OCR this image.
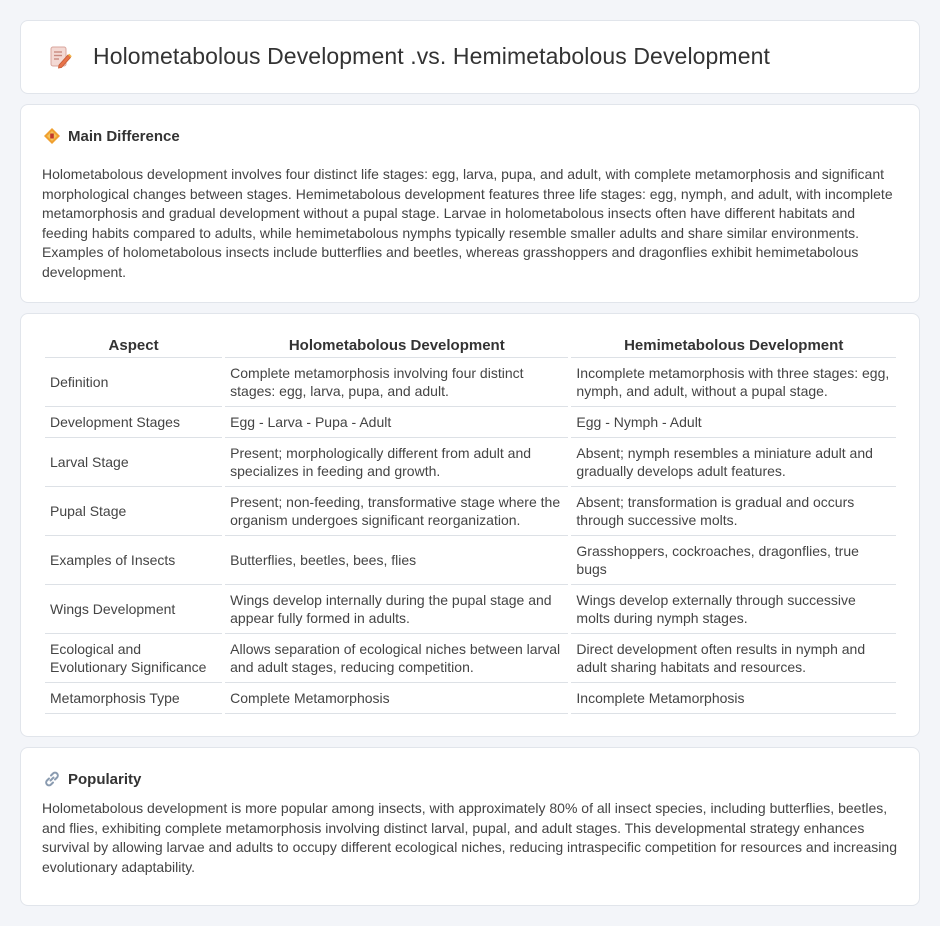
Holometabolous Development .vs. Hemimetabolous Development
Main Difference

Holometabolous development involves four distinct life stages: egg, larva, pupa, and adult, with complete metamorphosis and significant morphological changes between stages. Hemimetabolous development features three life stages: egg, nymph, and adult, with incomplete metamorphosis and gradual development without a pupal stage. Larvae in holometabolous insects often have different habitats and feeding habits compared to adults, while hemimetabolous nymphs typically resemble smaller adults and share similar environments. Examples of holometabolous insects include butterflies and beetles, whereas grasshoppers and dragonflies exhibit hemimetabolous development.

Aspect	Holometabolous Development	Hemimetabolous Development
Definition	Complete metamorphosis involving four distinct stages: egg, larva, pupa, and adult.	Incomplete metamorphosis with three stages: egg, nymph, and adult, without a pupal stage.
Development Stages	Egg - Larva - Pupa - Adult	Egg - Nymph - Adult
Larval Stage	Present; morphologically different from adult and specializes in feeding and growth.	Absent; nymph resembles a miniature adult and gradually develops adult features.
Pupal Stage	Present; non-feeding, transformative stage where the organism undergoes significant reorganization.	Absent; transformation is gradual and occurs through successive molts.
Examples of Insects	Butterflies, beetles, bees, flies	Grasshoppers, cockroaches, dragonflies, true bugs
Wings Development	Wings develop internally during the pupal stage and appear fully formed in adults.	Wings develop externally through successive molts during nymph stages.
Ecological and Evolutionary Significance	Allows separation of ecological niches between larval and adult stages, reducing competition.	Direct development often results in nymph and adult sharing habitats and resources.
Metamorphosis Type	Complete Metamorphosis	Incomplete Metamorphosis
Popularity

Holometabolous development is more popular among insects, with approximately 80% of all insect species, including butterflies, beetles, and flies, exhibiting complete metamorphosis involving distinct larval, pupal, and adult stages. This developmental strategy enhances survival by allowing larvae and adults to occupy different ecological niches, reducing intraspecific competition for resources and increasing evolutionary adaptability.
